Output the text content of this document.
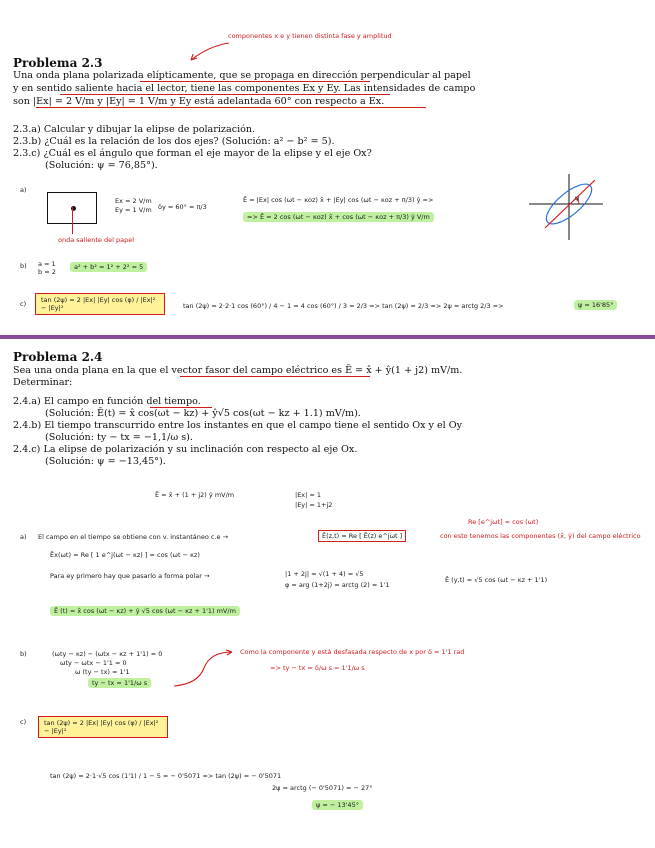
componentes x e y tienen distinta fase y amplitud
Problema 2.3
Una onda plana polarizada elípticamente, que se propaga en dirección perpendicular al papel
y en sentido saliente hacia el lector, tiene las componentes Ex y Ey. Las intensidades de campo
son |Ex| = 2 V/m y |Ey| = 1 V/m y Ey está adelantada 60° con respecto a Ex.
2.3.a) Calcular y dibujar la elipse de polarización.
2.3.b) ¿Cuál es la relación de los dos ejes? (Solución: a² − b² = 5).
2.3.c) ¿Cuál es el ángulo que forman el eje mayor de la elipse y el eje Ox?
(Solución: ψ = 76,85°).
a)
onda saliente del papel
Ex = 2 V/m
Ey = 1 V/m δy = 60° = π/3
Ē = |Ex| cos (ωt − κoz) x̂ + |Ey| cos (ωt − κoz + π/3) ŷ =>
=> Ē = 2 cos (ωt − κoz) x̂ + cos (ωt − κoz + π/3) ŷ V/m
ψ
b) a = 1
b = 2
a² + b² = 1² + 2² = 5
c)	tan (2ψ) = 2 |Ex| |Ey| cos (φ) / |Ex|² − |Ey|²	tan (2ψ) = 2·2·1 cos (60°) / 4 − 1 = 4 cos (60°) / 3 = 2/3 => tan (2ψ) = 2/3 => 2ψ = arctg 2/3 =>	ψ = 16'85°
Problema 2.4
Sea una onda plana en la que el vector fasor del campo eléctrico es Ē = x̂ + ŷ(1 + j2) mV/m.
Determinar:
2.4.a) El campo en función del tiempo.
(Solución: Ē(t) = x̂ cos(ωt − kz) + ŷ√5 cos(ωt − kz + 1.1) mV/m).
2.4.b) El tiempo transcurrido entre los instantes en que el campo tiene el sentido Ox y el Oy
(Solución: ty − tx = −1,1/ω s).
2.4.c) La elipse de polarización y su inclinación con respecto al eje Ox.
(Solución: ψ = −13,45°).
Ē = x̂ + (1 + j2) ŷ mV/m	|Ex| = 1
|Ey| = 1+j2
Re [e^jωt] = cos (ωt)
a) El campo en el tiempo se obtiene con v. instantáneo c.e →	Ē(z,t) = Re [ Ē(z) e^jωt ]	con esto tenemos las componentes (x̂, ŷ) del campo eléctrico
Ēx(ωt) = Re [ 1 e^j(ωt − κz) ] = cos (ωt − κz)
Para ey primero hay que pasarlo a forma polar →	|1 + 2j| = √(1 + 4) = √5
φ = arg (1+2j) = arctg (2) = 1'1
Ē (y,t) = √5 cos (ωt − κz + 1'1)
Ē (t) = x̂ cos (ωt − κz) + ŷ √5 cos (ωt − κz + 1'1) mV/m
b)	(ωty − κz) − (ωtx − κz + 1'1) = 0
ωty − ωtx − 1'1 = 0
ω (ty − tx) = 1'1
ty − tx = 1'1/ω s
Como la componente y está desfasada respecto de x por δ = 1'1 rad
=> ty − tx = δ/ω s = 1'1/ω s
c)	tan (2ψ) = 2 |Ex| |Ey| cos (φ) / |Ex|² − |Ey|²
tan (2ψ) = 2·1·√5 cos (1'1) / 1 − 5 = − 0'5071 => tan (2ψ) = − 0'5071
2ψ = arctg (− 0'5071) = − 27°
ψ = − 13'45°
